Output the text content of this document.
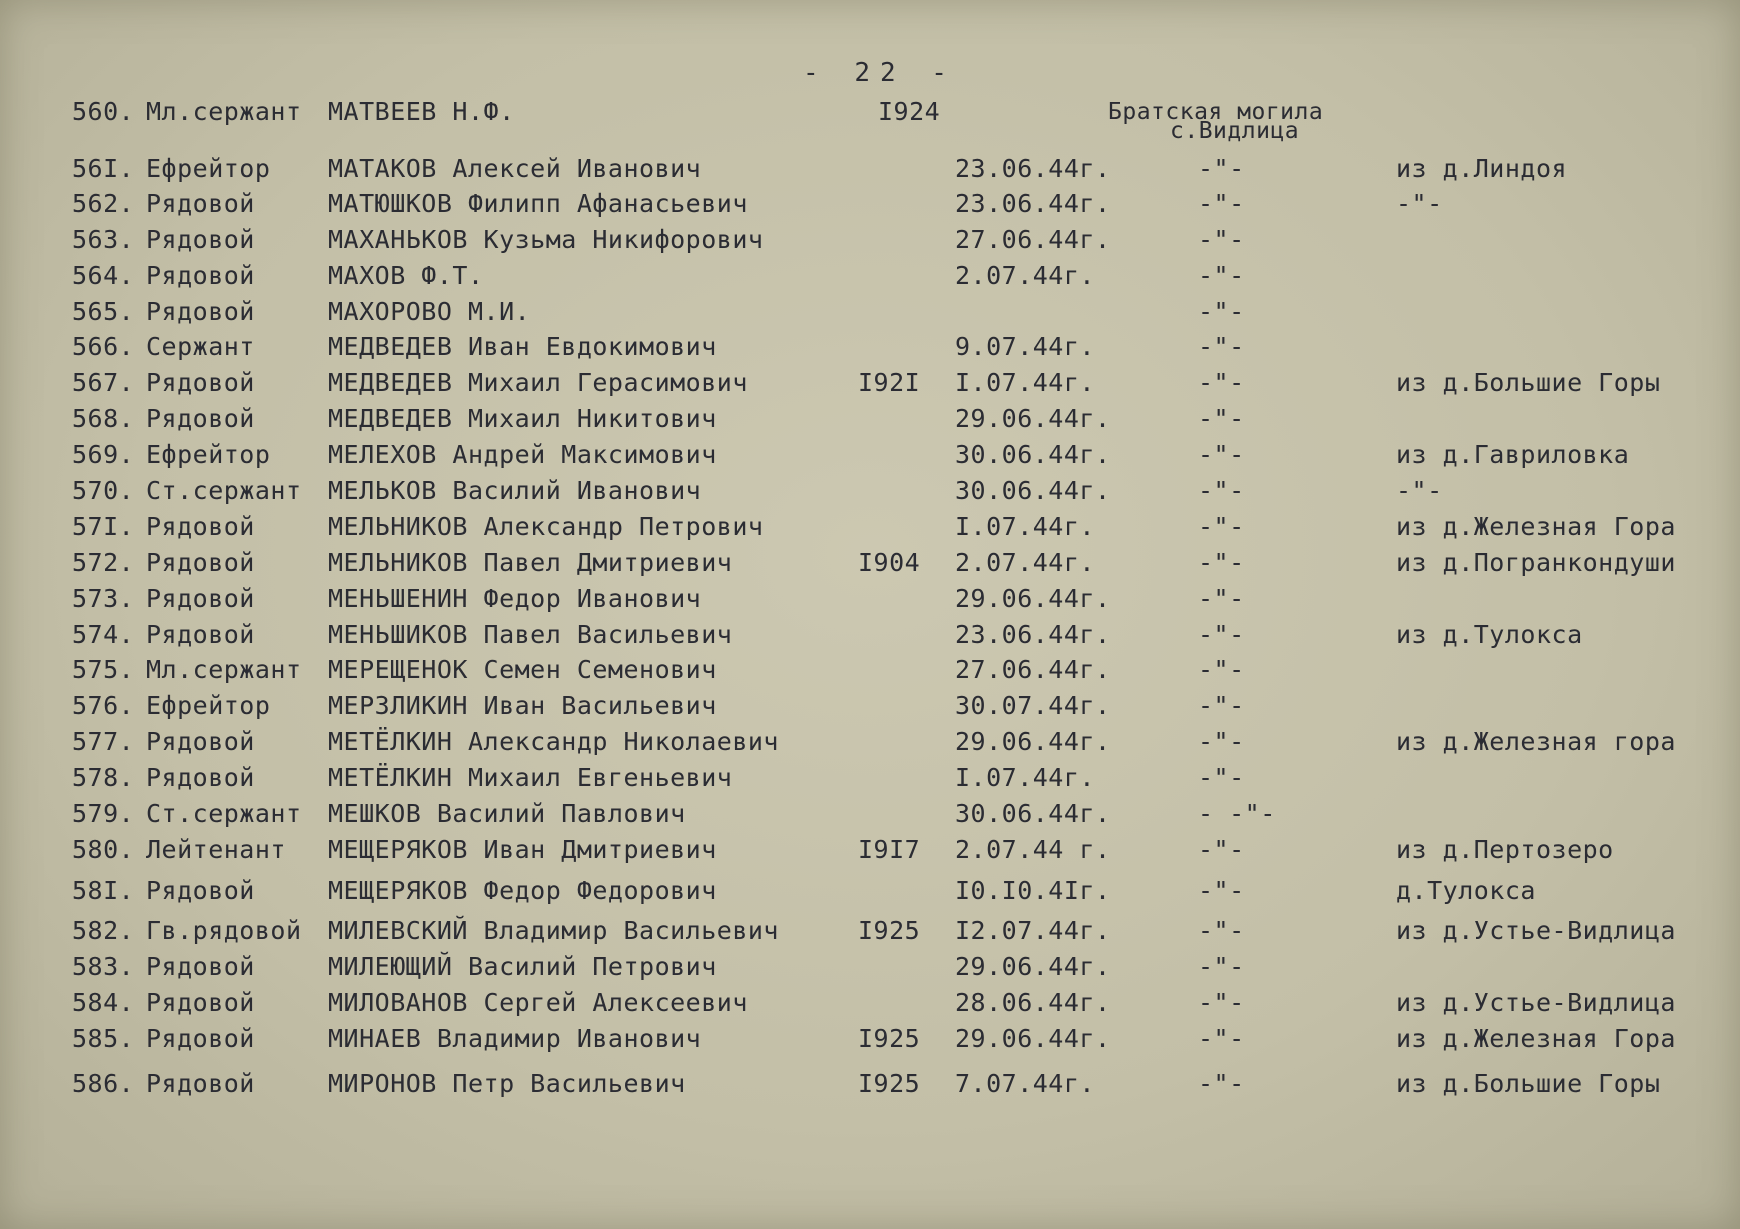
- 22 -
560. Мл.сержант МАТВЕЕВ Н.Ф.	I924	Братская могила
с.Видлица
56I. Ефрейтор МАТАКОВ Алексей Иванович	23.06.44г.	-"-	из д.Линдоя
562. Рядовой	МАТЮШКОВ Филипп Афанасьевич	23.06.44г.	-"-	-"-
563. Рядовой	МАХАНЬКОВ Кузьма Никифорович	27.06.44г.	-"-
564. Рядовой	МАХОВ Ф.Т.	2.07.44г.	-"-
565. Рядовой	МАХОРОВО М.И.	-"-
566. Сержант	МЕДВЕДЕВ Иван Евдокимович	9.07.44г.	-"-
567. Рядовой	МЕДВЕДЕВ Михаил Герасимович	I92I I.07.44г.	-"-	из д.Большие Горы
568. Рядовой	МЕДВЕДЕВ Михаил Никитович	29.06.44г.	-"-
569. Ефрейтор МЕЛЕХОВ Андрей Максимович	30.06.44г.	-"-	из д.Гавриловка
570. Ст.сержант МЕЛЬКОВ Василий Иванович	30.06.44г.	-"-	-"-
57I. Рядовой	МЕЛЬНИКОВ Александр Петрович	I.07.44г.	-"-	из д.Железная Гора
572. Рядовой	МЕЛЬНИКОВ Павел Дмитриевич	I904 2.07.44г.	-"-	из д.Погранкондуши
573. Рядовой	МЕНЬШЕНИН Федор Иванович	29.06.44г.	-"-
574. Рядовой	МЕНЬШИКОВ Павел Васильевич	23.06.44г.	-"-	из д.Тулокса
575. Мл.сержант МЕРЕЩЕНОК Семен Семенович	27.06.44г.	-"-
576. Ефрейтор МЕРЗЛИКИН Иван Васильевич	30.07.44г.	-"-
577. Рядовой	МЕТЁЛКИН Александр Николаевич	29.06.44г.	-"-	из д.Железная гора
578. Рядовой	МЕТЁЛКИН Михаил Евгеньевич	I.07.44г.	-"-
579. Ст.сержант МЕШКОВ Василий Павлович	30.06.44г.	- -"-
580. Лейтенант МЕЩЕРЯКОВ Иван Дмитриевич	I9I7 2.07.44 г.	-"-	из д.Пертозеро
58I. Рядовой	МЕЩЕРЯКОВ Федор Федорович	I0.I0.4Iг.	-"-	д.Тулокса
582. Гв.рядовой МИЛЕВСКИЙ Владимир Васильевич	I925 I2.07.44г.	-"-	из д.Устье-Видлица
583. Рядовой	МИЛЕЮЩИЙ Василий Петрович	29.06.44г.	-"-
584. Рядовой	МИЛОВАНОВ Сергей Алексеевич	28.06.44г.	-"-	из д.Устье-Видлица
585. Рядовой	МИНАЕВ Владимир Иванович	I925 29.06.44г.	-"-	из д.Железная Гора
586. Рядовой	МИРОНОВ Петр Васильевич	I925 7.07.44г.	-"-	из д.Большие Горы
